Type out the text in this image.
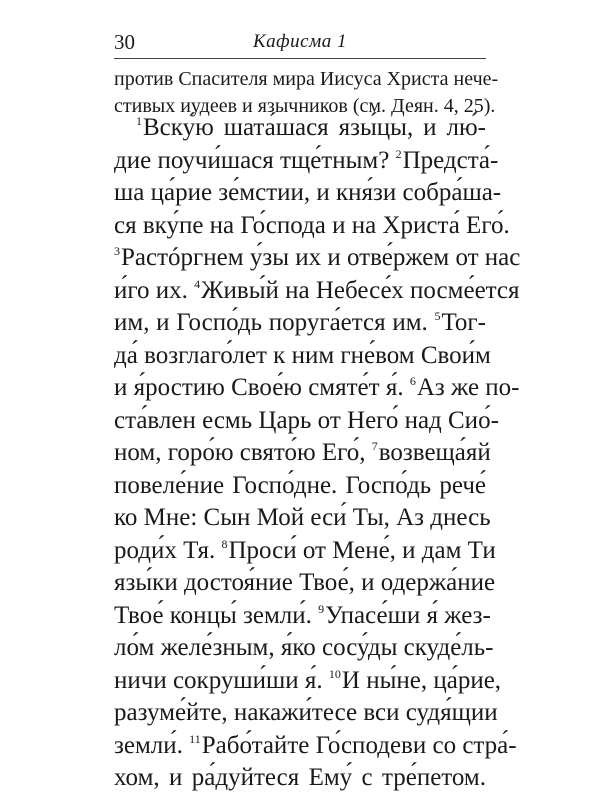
30	Кафисма 1
против Спасителя мира Иисуса Христа нече-
стивых иудеев и язычников (см. Деян. 4, 25).
$^1$Вску́ю шата́шася язы́цы, и лю́-
дие поучи́шася тще́тным? $^2$Предста́-
ша ца́рие зе́мстии, и кня́зи собра́ша-
ся вку́пе на Го́спода и на Христа́ Его́.
$^3$Растóргнем у́зы их и отве́ржем от нас
и́го их. $^4$Живы́й на Небесе́х посме́ется
им, и Госпо́дь поруга́ется им. $^5$Тог-
да́ возглаго́лет к ним гне́вом Свои́м
и я́ростию Свое́ю смяте́т я́. $^6$Аз же по-
ста́влен есмь Царь от Него́ над Сио́-
ном, горо́ю свято́ю Его́, $^7$возвеща́яй
повеле́ние Госпо́дне. Госпо́дь рече́
ко Мне: Сын Мой еси́ Ты, Аз днесь
роди́х Тя. $^8$Проси́ от Мене́, и дам Ти
язы́ки достоя́ние Твое́, и одержа́ние
Твое́ концы́ земли́. $^9$Упасе́ши я́ жез-
ло́м желе́зным, я́ко сосу́ды скуде́ль-
ничи сокруши́ши я́. $^{10}$И ны́не, ца́рие,
разуме́йте, накажи́тесе вси судя́щии
земли́. $^{11}$Рабо́тайте Го́сподеви со стра́-
хом, и ра́дуйтеся Ему́ с тре́петом.
